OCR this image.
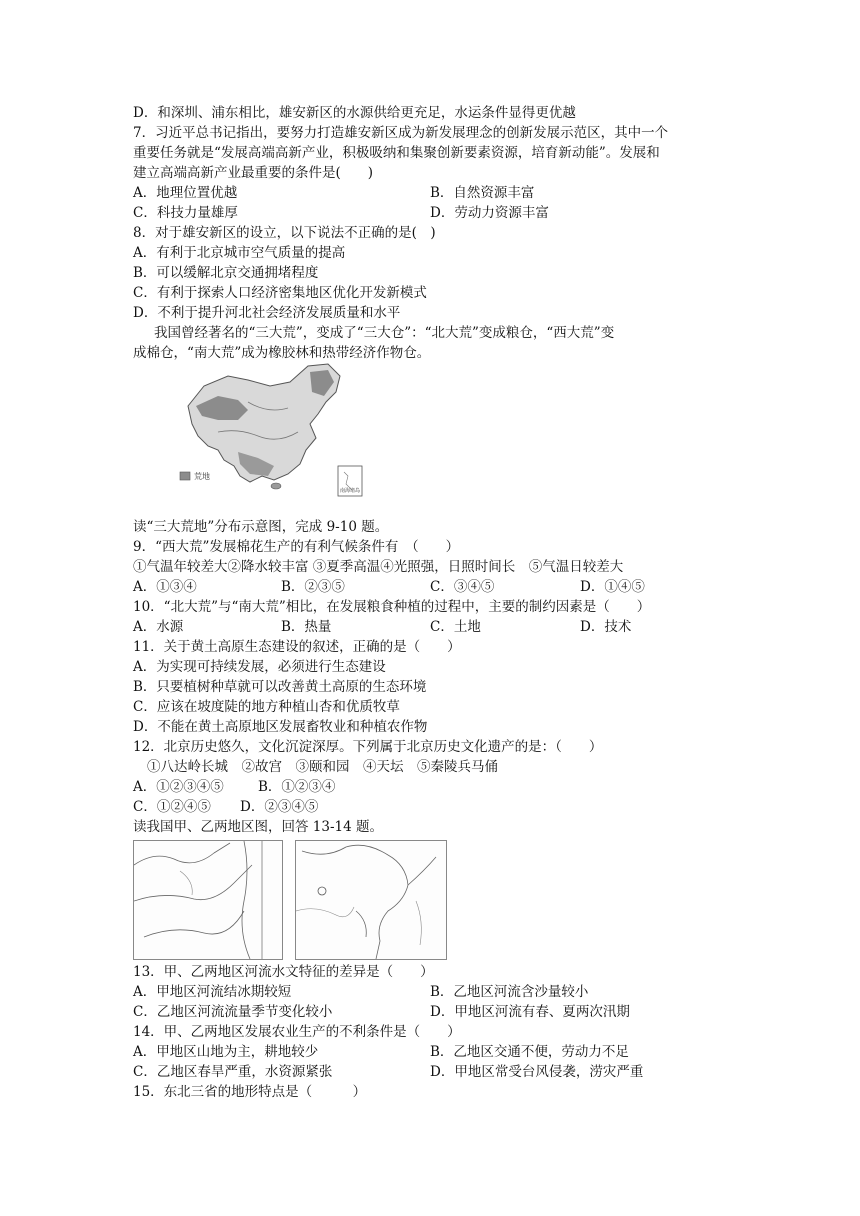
D．和深圳、浦东相比，雄安新区的水源供给更充足，水运条件显得更优越
7．习近平总书记指出，要努力打造雄安新区成为新发展理念的创新发展示范区，其中一个
重要任务就是“发展高端高新产业，积极吸纳和集聚创新要素资源，培育新动能”。发展和
建立高端高新产业最重要的条件是(　　)
A．地理位置优越	B．自然资源丰富
C．科技力量雄厚	D．劳动力资源丰富
8．对于雄安新区的设立，以下说法不正确的是(　)
A．有利于北京城市空气质量的提高
B．可以缓解北京交通拥堵程度
C．有利于探索人口经济密集地区优化开发新模式
D．不利于提升河北社会经济发展质量和水平
我国曾经著名的“三大荒”，变成了“三大仓”：“北大荒”变成粮仓，“西大荒”变
成棉仓，“南大荒”成为橡胶林和热带经济作物仓。
荒地
南海诸岛
读“三大荒地”分布示意图，完成 9-10 题。
9．“西大荒”发展棉花生产的有利气候条件有　（　　）
①气温年较差大②降水较丰富 ③夏季高温④光照强，日照时间长　⑤气温日较差大
A．①③④	B．②③⑤	C．③④⑤	D．①④⑤
10．“北大荒”与“南大荒”相比，在发展粮食种植的过程中，主要的制约因素是（　　）
A．水源	B．热量	C．土地	D．技术
11．关于黄土高原生态建设的叙述，正确的是（　　）
A．为实现可持续发展，必须进行生态建设
B．只要植树种草就可以改善黄土高原的生态环境
C．应该在坡度陡的地方种植山杏和优质牧草
D．不能在黄土高原地区发展畜牧业和种植农作物
12．北京历史悠久，文化沉淀深厚。下列属于北京历史文化遗产的是：（　　）
①八达岭长城　②故宫　③颐和园　④天坛　⑤秦陵兵马俑
A．①②③④⑤	B．①②③④
C．①②④⑤ D．②③④⑤
读我国甲、乙两地区图，回答 13-14 题。
13．甲、乙两地区河流水文特征的差异是（　　）
A．甲地区河流结冰期较短	B．乙地区河流含沙量较小
C．乙地区河流流量季节变化较小	D．甲地区河流有春、夏两次汛期
14．甲、乙两地区发展农业生产的不利条件是（　　）
A．甲地区山地为主，耕地较少	B．乙地区交通不便，劳动力不足
C．乙地区春旱严重，水资源紧张	D．甲地区常受台风侵袭，涝灾严重
15．东北三省的地形特点是（　　　）
